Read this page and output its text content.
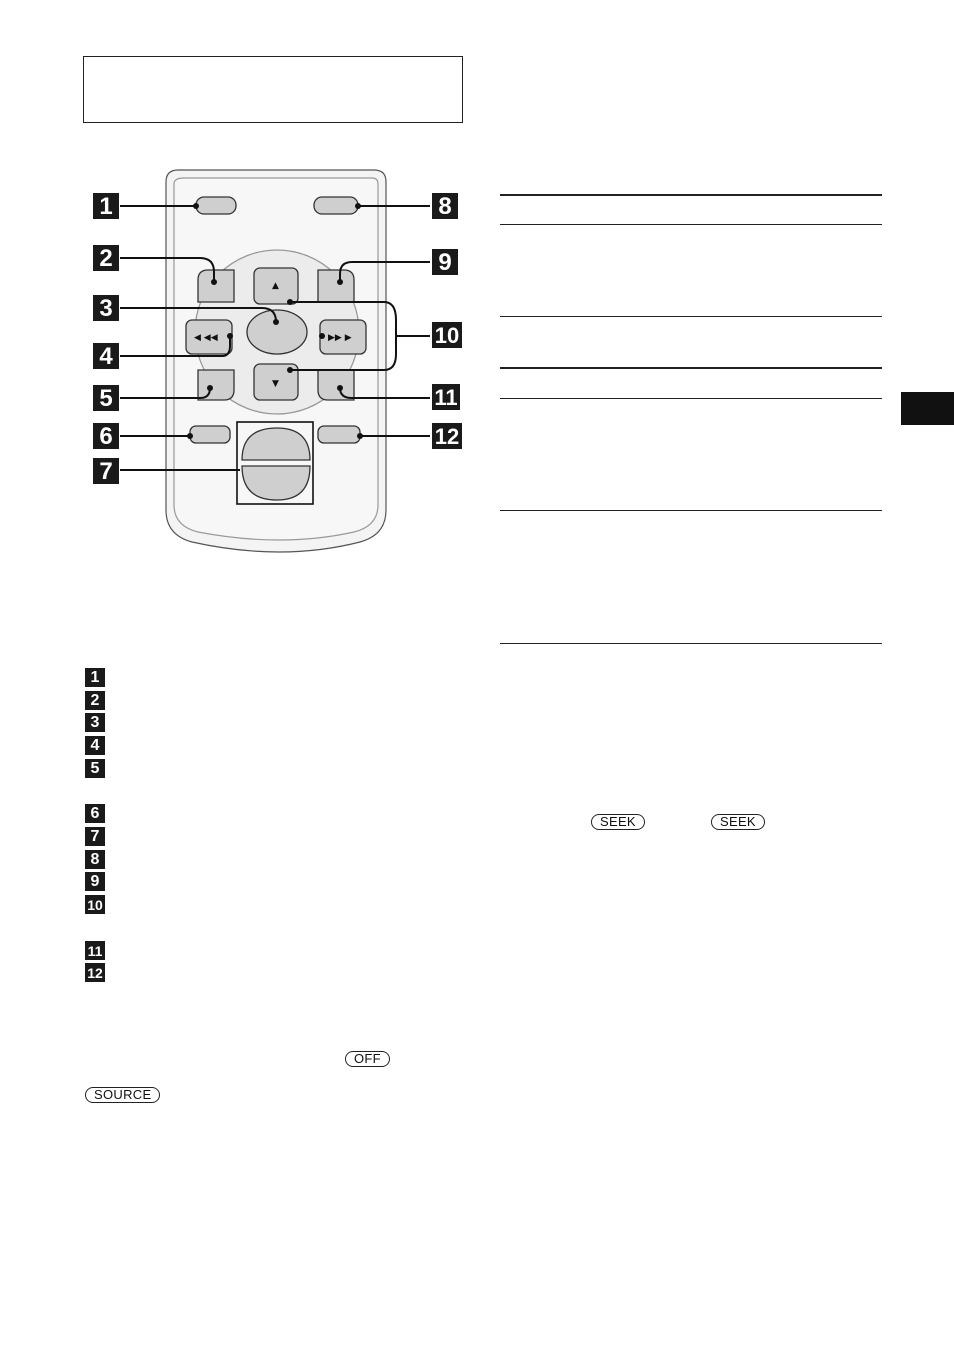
▲
▼
◀ ◀◀	▶▶ ▶
1
2
3
4
5
6
7
8
9
10
11
12
1
2
3
4
5
6
7
8
9
10
11
12
SEEK	SEEK
OFF
SOURCE
